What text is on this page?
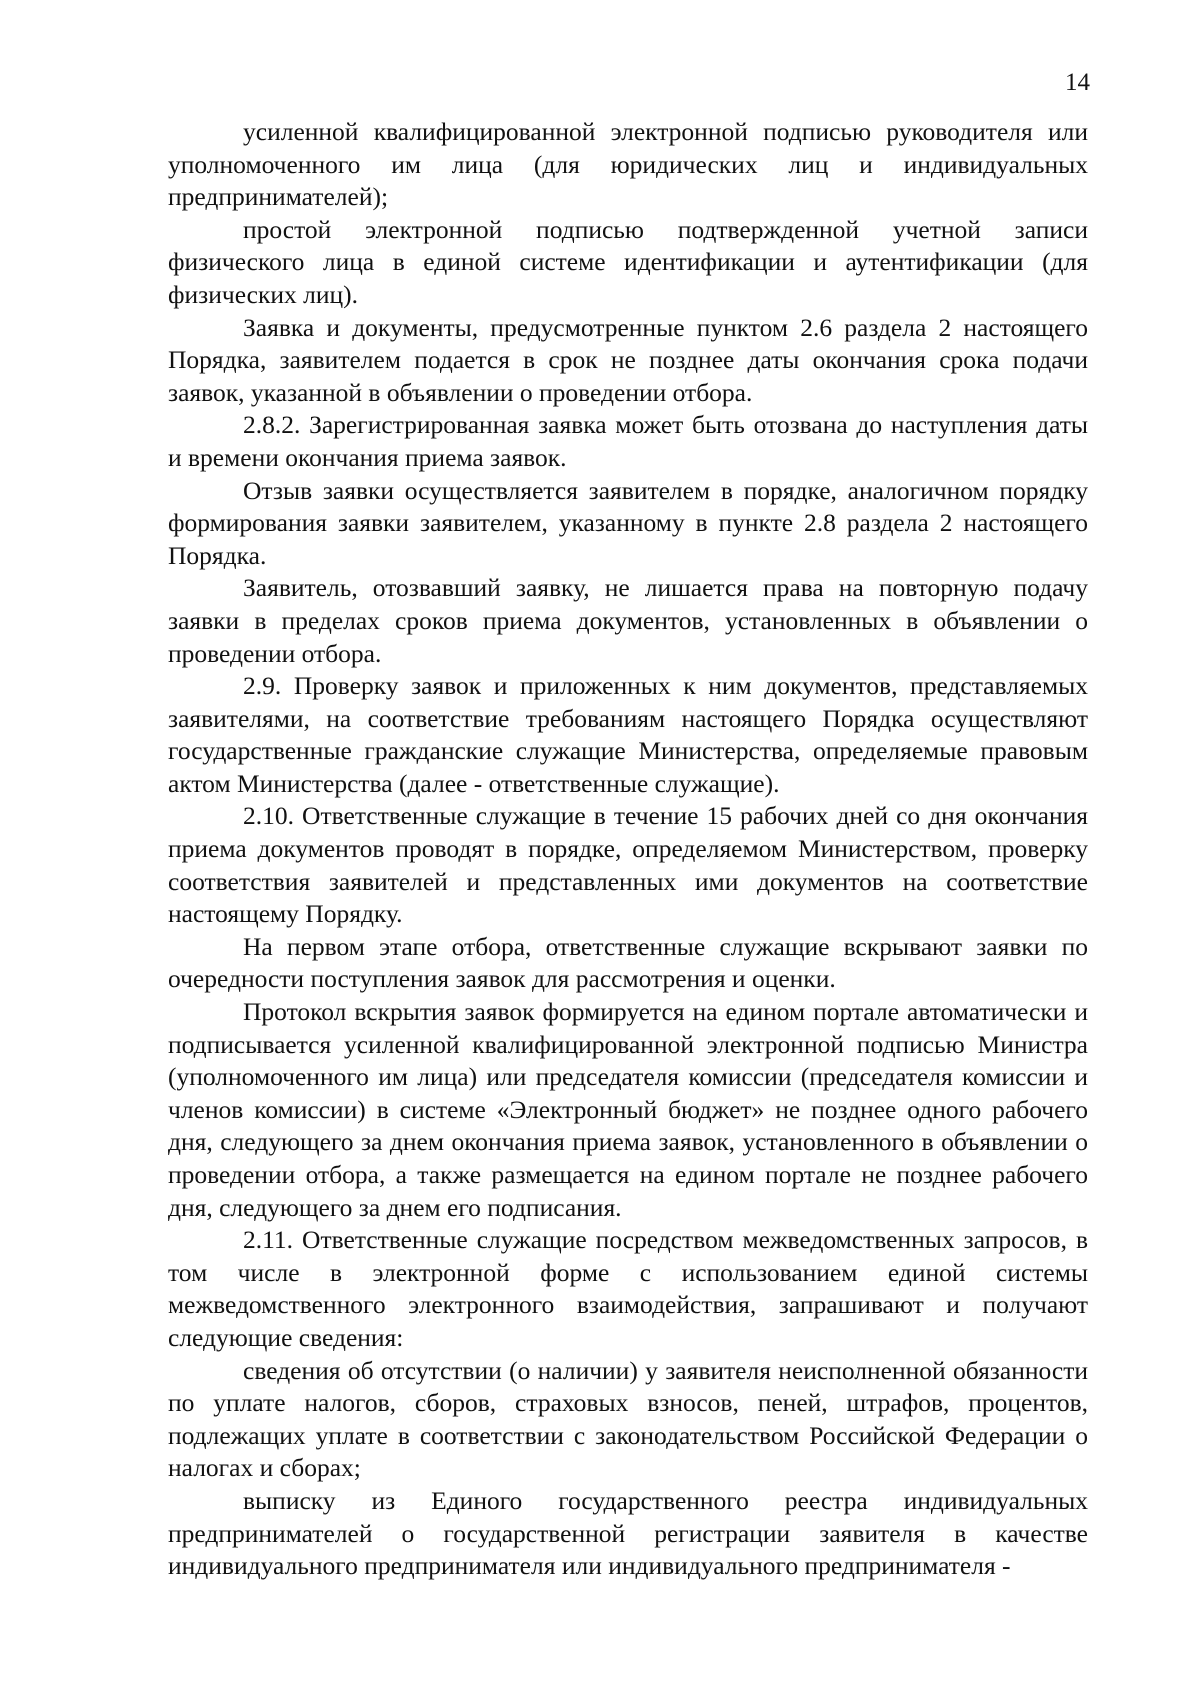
14

усиленной квалифицированной электронной подписью руководителя или уполномоченного им лица (для юридических лиц и индивидуальных предпринимателей);

простой электронной подписью подтвержденной учетной записи физического лица в единой системе идентификации и аутентификации (для физических лиц).

Заявка и документы, предусмотренные пунктом 2.6 раздела 2 настоящего Порядка, заявителем подается в срок не позднее даты окончания срока подачи заявок, указанной в объявлении о проведении отбора.

2.8.2. Зарегистрированная заявка может быть отозвана до наступления даты и времени окончания приема заявок.

Отзыв заявки осуществляется заявителем в порядке, аналогичном порядку формирования заявки заявителем, указанному в пункте 2.8 раздела 2 настоящего Порядка.

Заявитель, отозвавший заявку, не лишается права на повторную подачу заявки в пределах сроков приема документов, установленных в объявлении о проведении отбора.

2.9. Проверку заявок и приложенных к ним документов, представляемых заявителями, на соответствие требованиям настоящего Порядка осуществляют государственные гражданские служащие Министерства, определяемые правовым актом Министерства (далее - ответственные служащие).

2.10. Ответственные служащие в течение 15 рабочих дней со дня окончания приема документов проводят в порядке, определяемом Министерством, проверку соответствия заявителей и представленных ими документов на соответствие настоящему Порядку.

На первом этапе отбора, ответственные служащие вскрывают заявки по очередности поступления заявок для рассмотрения и оценки.

Протокол вскрытия заявок формируется на едином портале автоматически и подписывается усиленной квалифицированной электронной подписью Министра (уполномоченного им лица) или председателя комиссии (председателя комиссии и членов комиссии) в системе «Электронный бюджет» не позднее одного рабочего дня, следующего за днем окончания приема заявок, установленного в объявлении о проведении отбора, а также размещается на едином портале не позднее рабочего дня, следующего за днем его подписания.

2.11. Ответственные служащие посредством межведомственных запросов, в том числе в электронной форме с использованием единой системы межведомственного электронного взаимодействия, запрашивают и получают следующие сведения:

сведения об отсутствии (о наличии) у заявителя неисполненной обязанности по уплате налогов, сборов, страховых взносов, пеней, штрафов, процентов, подлежащих уплате в соответствии с законодательством Российской Федерации о налогах и сборах;

выписку из Единого государственного реестра индивидуальных предпринимателей о государственной регистрации заявителя в качестве индивидуального предпринимателя или индивидуального предпринимателя -
